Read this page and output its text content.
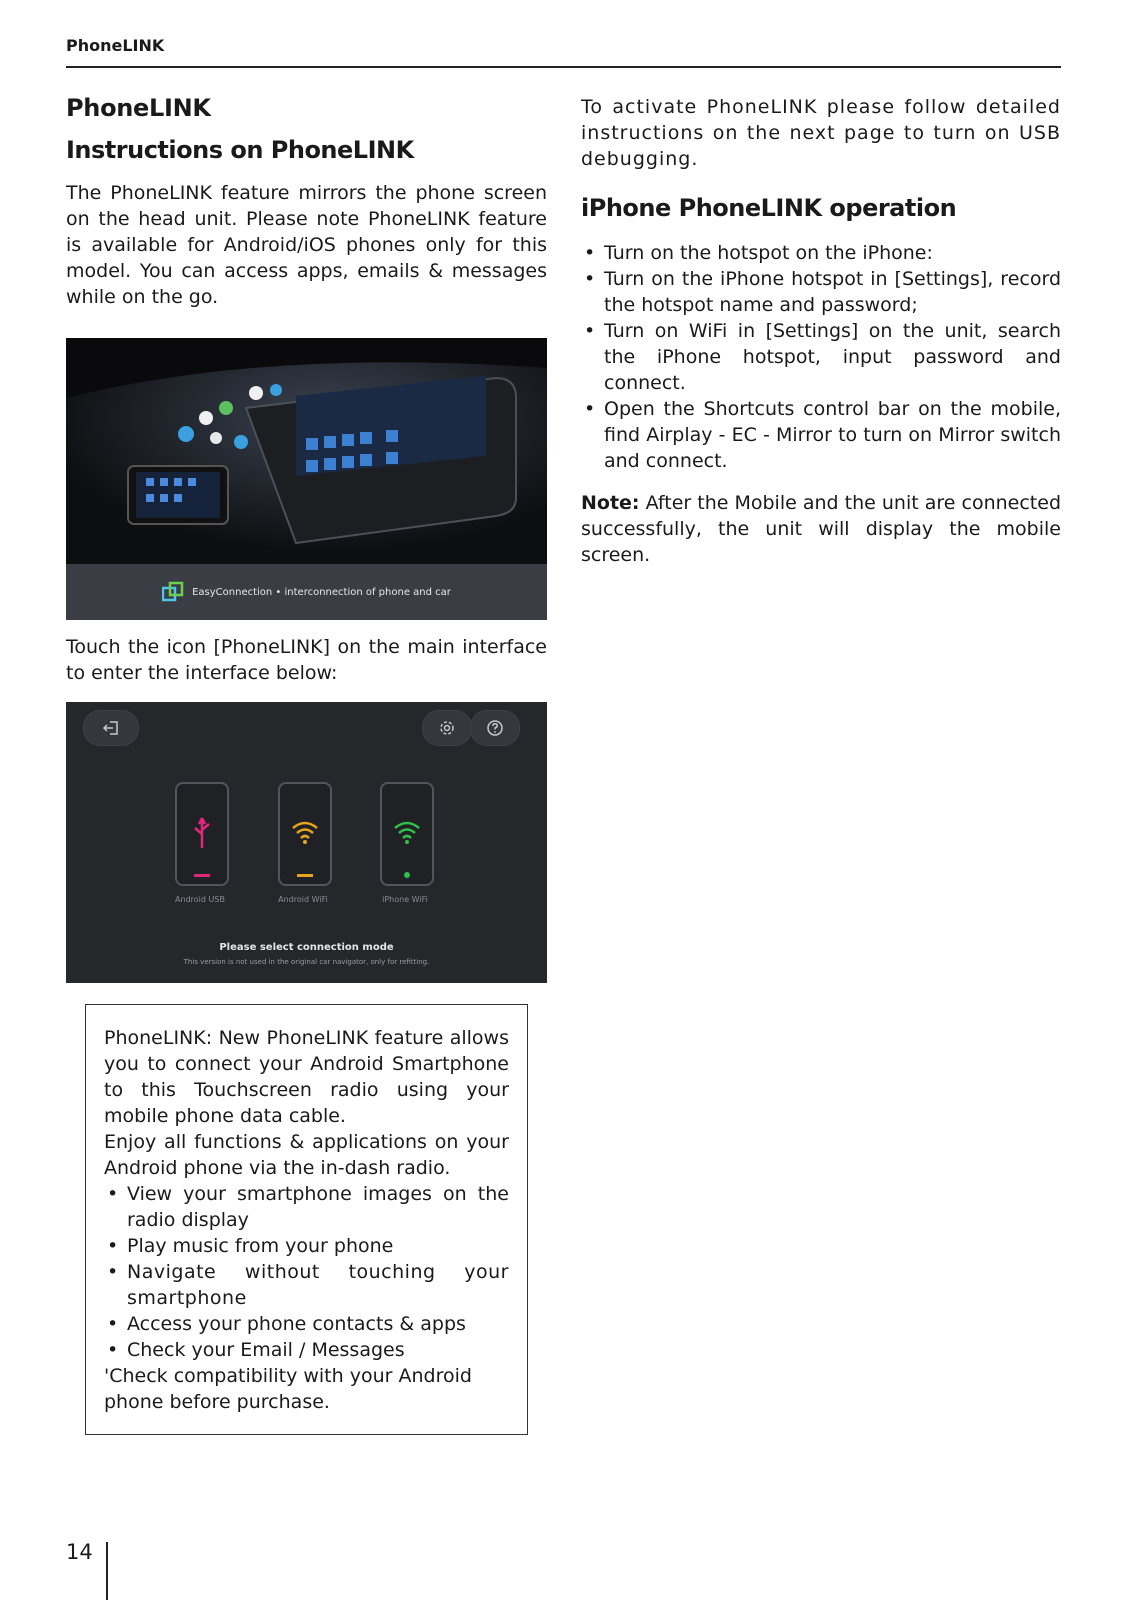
PhoneLINK
PhoneLINK
Instructions on PhoneLINK

The PhoneLINK feature mirrors the phone screen on the head unit. Please note PhoneLINK feature is available for Android/iOS phones only for this model. You can access apps, emails & messages while on the go.

EasyConnection • interconnection of phone and car

Touch the icon [PhoneLINK] on the main interface to enter the interface below:

Android USB	Android WiFi	iPhone WiFi
Please select connection mode
This version is not used in the original car navigator, only for refitting.

PhoneLINK: New PhoneLINK feature allows you to connect your Android Smartphone to this Touchscreen radio using your mobile phone data cable.

Enjoy all functions & applications on your Android phone via the in-dash radio.

• View your smartphone images on the radio display
• Play music from your phone
• Navigate without touching your smartphone
• Access your phone contacts & apps
• Check your Email / Messages

'Check compatibility with your Android phone before purchase.

To activate PhoneLINK please follow detailed instructions on the next page to turn on USB debugging.

iPhone PhoneLINK operation
• Turn on the hotspot on the iPhone:
• Turn on the iPhone hotspot in [Settings], record the hotspot name and password;
• Turn on WiFi in [Settings] on the unit, search the iPhone hotspot, input password and connect.
• Open the Shortcuts control bar on the mobile, find Airplay - EC - Mirror to turn on Mirror switch and connect.

Note: After the Mobile and the unit are connected successfully, the unit will display the mobile screen.

14
